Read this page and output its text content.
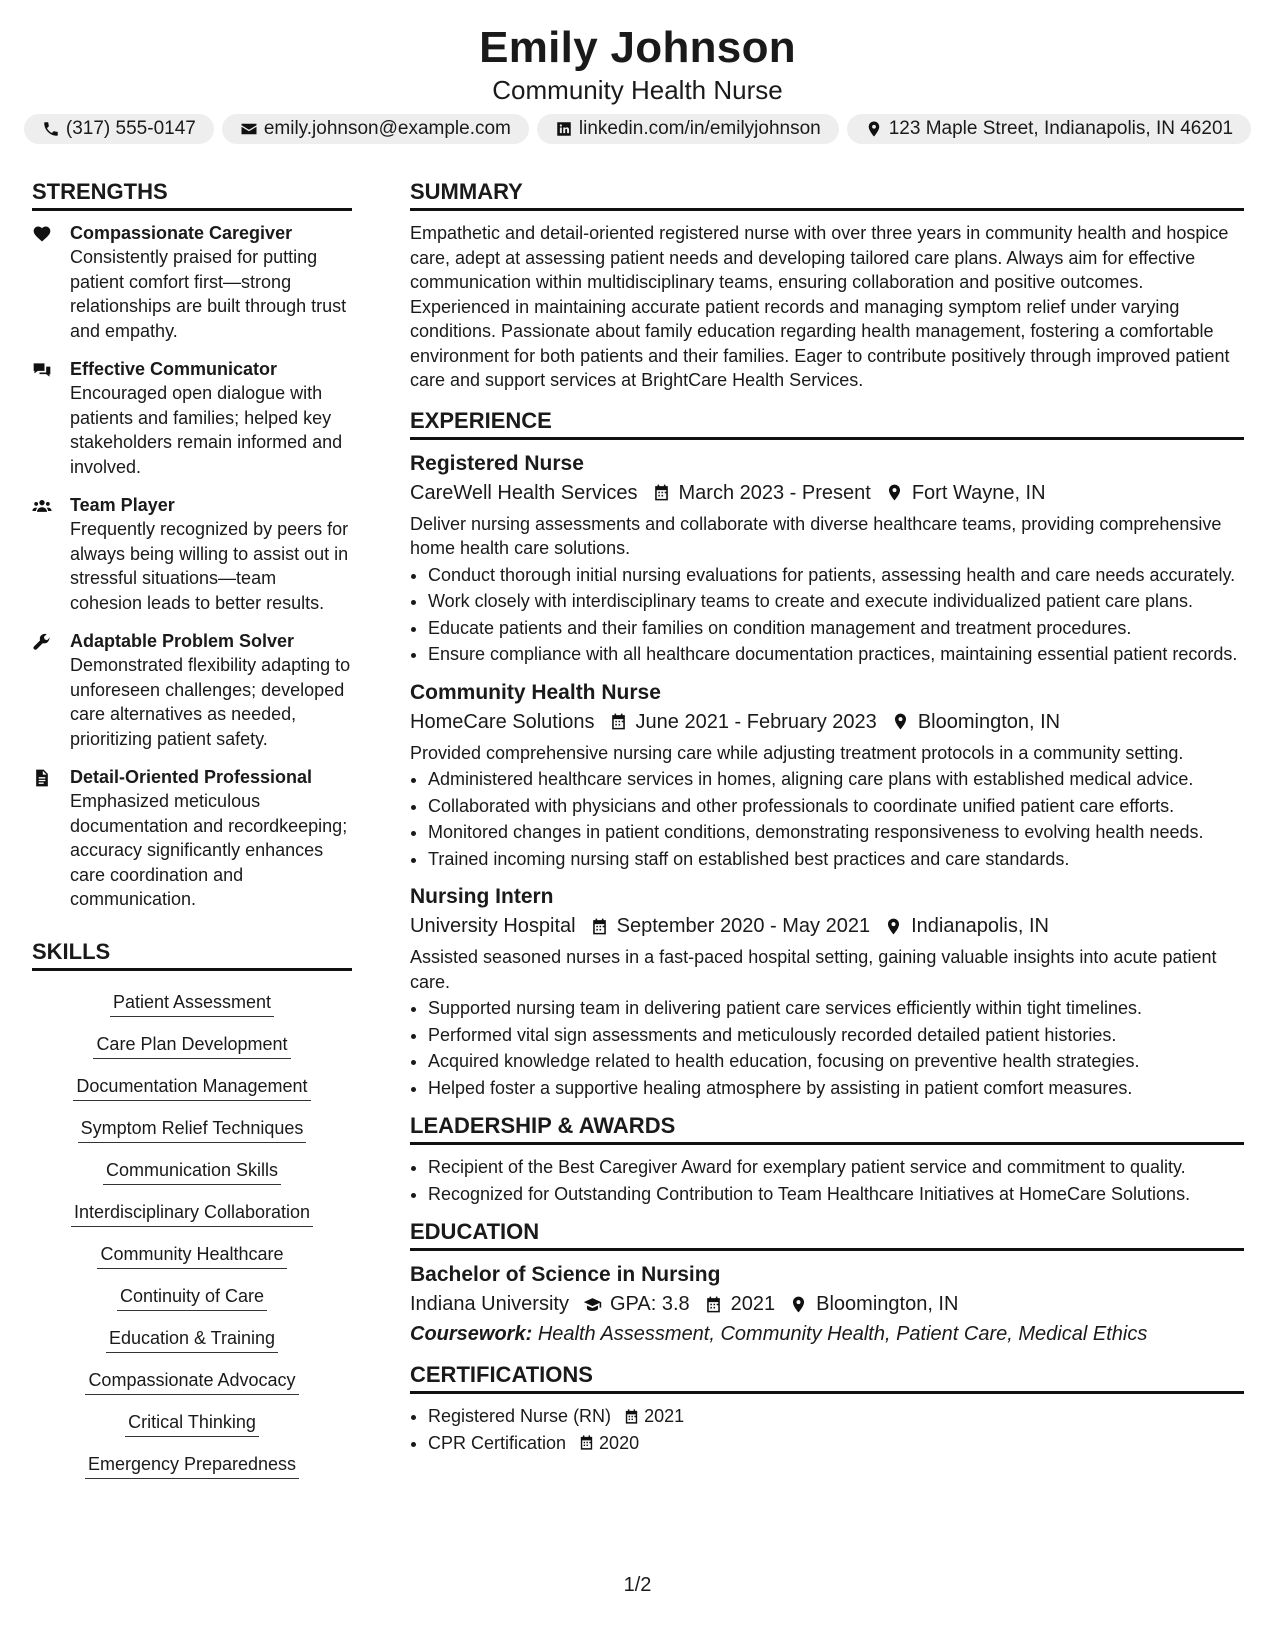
Emily Johnson
Community Health Nurse
(317) 555-0147	emily.johnson@example.com	linkedin.com/in/emilyjohnson	123 Maple Street, Indianapolis, IN 46201
STRENGTHS
Compassionate Caregiver
Consistently praised for putting patient comfort first—strong relationships are built through trust and empathy.
Effective Communicator
Encouraged open dialogue with patients and families; helped key stakeholders remain informed and involved.
Team Player
Frequently recognized by peers for always being willing to assist out in stressful situations—team cohesion leads to better results.
Adaptable Problem Solver
Demonstrated flexibility adapting to unforeseen challenges; developed care alternatives as needed, prioritizing patient safety.
Detail-Oriented Professional
Emphasized meticulous documentation and recordkeeping; accuracy significantly enhances care coordination and communication.
SKILLS
Patient Assessment
Care Plan Development
Documentation Management
Symptom Relief Techniques
Communication Skills
Interdisciplinary Collaboration
Community Healthcare
Continuity of Care
Education & Training
Compassionate Advocacy
Critical Thinking
Emergency Preparedness
SUMMARY
Empathetic and detail-oriented registered nurse with over three years in community health and hospice care, adept at assessing patient needs and developing tailored care plans. Always aim for effective communication within multidisciplinary teams, ensuring collaboration and positive outcomes. Experienced in maintaining accurate patient records and managing symptom relief under varying conditions. Passionate about family education regarding health management, fostering a comfortable environment for both patients and their families. Eager to contribute positively through improved patient care and support services at BrightCare Health Services.
EXPERIENCE
Registered Nurse
CareWell Health Services March 2023 - Present Fort Wayne, IN
Deliver nursing assessments and collaborate with diverse healthcare teams, providing comprehensive home health care solutions.
• Conduct thorough initial nursing evaluations for patients, assessing health and care needs accurately.
• Work closely with interdisciplinary teams to create and execute individualized patient care plans.
• Educate patients and their families on condition management and treatment procedures.
• Ensure compliance with all healthcare documentation practices, maintaining essential patient records.
Community Health Nurse
HomeCare Solutions June 2021 - February 2023 Bloomington, IN
Provided comprehensive nursing care while adjusting treatment protocols in a community setting.
• Administered healthcare services in homes, aligning care plans with established medical advice.
• Collaborated with physicians and other professionals to coordinate unified patient care efforts.
• Monitored changes in patient conditions, demonstrating responsiveness to evolving health needs.
• Trained incoming nursing staff on established best practices and care standards.
Nursing Intern
University Hospital September 2020 - May 2021 Indianapolis, IN
Assisted seasoned nurses in a fast-paced hospital setting, gaining valuable insights into acute patient care.
• Supported nursing team in delivering patient care services efficiently within tight timelines.
• Performed vital sign assessments and meticulously recorded detailed patient histories.
• Acquired knowledge related to health education, focusing on preventive health strategies.
• Helped foster a supportive healing atmosphere by assisting in patient comfort measures.
LEADERSHIP & AWARDS
• Recipient of the Best Caregiver Award for exemplary patient service and commitment to quality.
• Recognized for Outstanding Contribution to Team Healthcare Initiatives at HomeCare Solutions.
EDUCATION
Bachelor of Science in Nursing
Indiana University GPA: 3.8 2021 Bloomington, IN
Coursework: Health Assessment, Community Health, Patient Care, Medical Ethics
CERTIFICATIONS
• Registered Nurse (RN) 2021
• CPR Certification 2020
1/2
